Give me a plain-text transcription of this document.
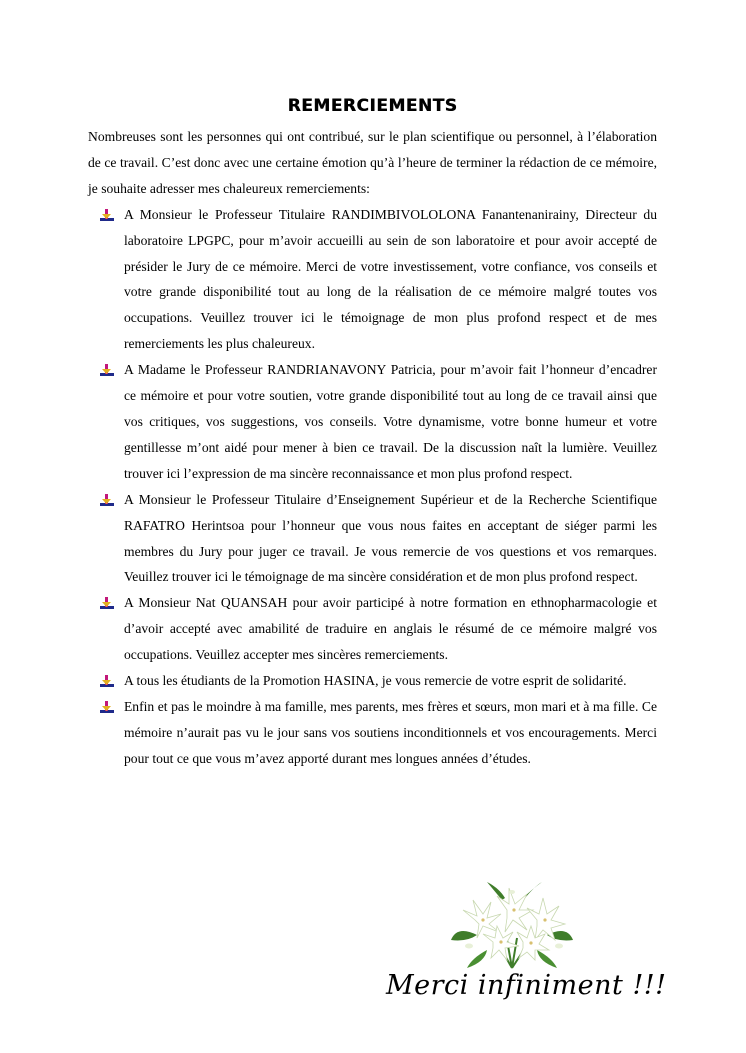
REMERCIEMENTS

Nombreuses sont les personnes qui ont contribué, sur le plan scientifique ou personnel, à l’élaboration de ce travail. C’est donc avec une certaine émotion qu’à l’heure de terminer la rédaction de ce mémoire, je souhaite adresser mes chaleureux remerciements:

A Monsieur le Professeur Titulaire RANDIMBIVOLOLONA Fanantenanirainy, Directeur du laboratoire LPGPC, pour m’avoir accueilli au sein de son laboratoire et pour avoir accepté de présider le Jury de ce mémoire. Merci de votre investissement, votre confiance, vos conseils et votre grande disponibilité tout au long de la réalisation de ce mémoire malgré toutes vos occupations. Veuillez trouver ici le témoignage de mon plus profond respect et de mes remerciements les plus chaleureux.
A Madame le Professeur RANDRIANAVONY Patricia, pour m’avoir fait l’honneur d’encadrer ce mémoire et pour votre soutien, votre grande disponibilité tout au long de ce travail ainsi que vos critiques, vos suggestions, vos conseils. Votre dynamisme, votre bonne humeur et votre gentillesse m’ont aidé pour mener à bien ce travail. De la discussion naît la lumière. Veuillez trouver ici l’expression de ma sincère reconnaissance et mon plus profond respect.
A Monsieur le Professeur Titulaire d’Enseignement Supérieur et de la Recherche Scientifique RAFATRO Herintsoa pour l’honneur que vous nous faites en acceptant de siéger parmi les membres du Jury pour juger ce travail. Je vous remercie de vos questions et vos remarques. Veuillez trouver ici le témoignage de ma sincère considération et de mon plus profond respect.
A Monsieur Nat QUANSAH pour avoir participé à notre formation en ethnopharmacologie et d’avoir accepté avec amabilité de traduire en anglais le résumé de ce mémoire malgré vos occupations. Veuillez accepter mes sincères remerciements.
A tous les étudiants de la Promotion HASINA, je vous remercie de votre esprit de solidarité.
Enfin et pas le moindre à ma famille, mes parents, mes frères et sœurs, mon mari et à ma fille. Ce mémoire n’aurait pas vu le jour sans vos soutiens inconditionnels et vos encouragements. Merci pour tout ce que vous m’avez apporté durant mes longues années d’études.
Merci infiniment !!!
